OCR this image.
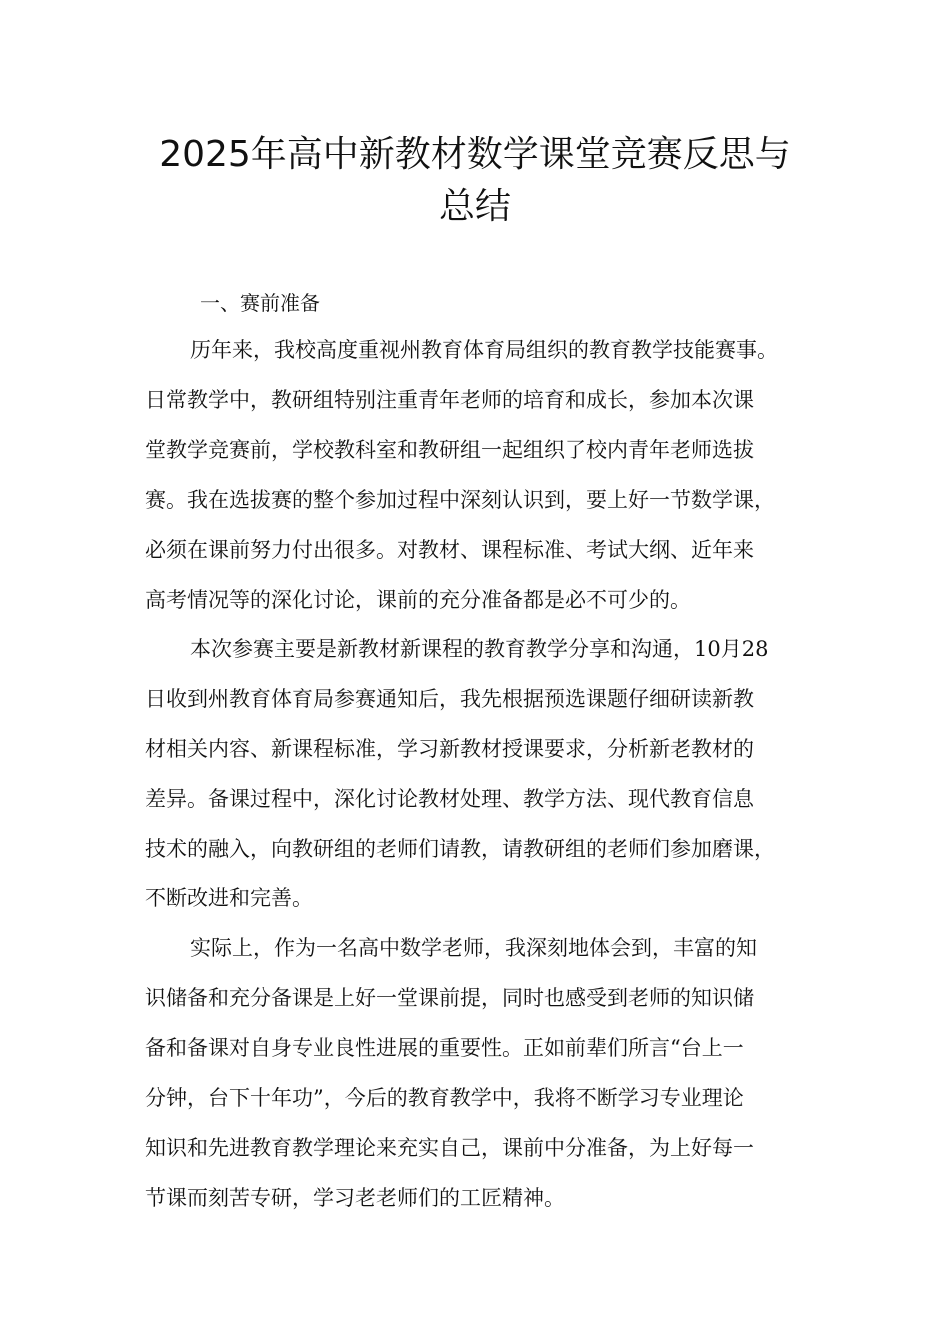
2025年高中新教材数学课堂竞赛反思与
总结
一、赛前准备

历年来，我校高度重视州教育体育局组织的教育教学技能赛事。

日常教学中，教研组特别注重青年老师的培育和成长，参加本次课

堂教学竞赛前，学校教科室和教研组一起组织了校内青年老师选拔

赛。我在选拔赛的整个参加过程中深刻认识到，要上好一节数学课，

必须在课前努力付出很多。对教材、课程标准、考试大纲、近年来

高考情况等的深化讨论，课前的充分准备都是必不可少的。

本次参赛主要是新教材新课程的教育教学分享和沟通，10月28

日收到州教育体育局参赛通知后，我先根据预选课题仔细研读新教

材相关内容、新课程标准，学习新教材授课要求，分析新老教材的

差异。备课过程中，深化讨论教材处理、教学方法、现代教育信息

技术的融入，向教研组的老师们请教，请教研组的老师们参加磨课，

不断改进和完善。

实际上，作为一名高中数学老师，我深刻地体会到，丰富的知

识储备和充分备课是上好一堂课前提，同时也感受到老师的知识储

备和备课对自身专业良性进展的重要性。正如前辈们所言“台上一

分钟，台下十年功”，今后的教育教学中，我将不断学习专业理论

知识和先进教育教学理论来充实自己，课前中分准备，为上好每一

节课而刻苦专研，学习老老师们的工匠精神。
